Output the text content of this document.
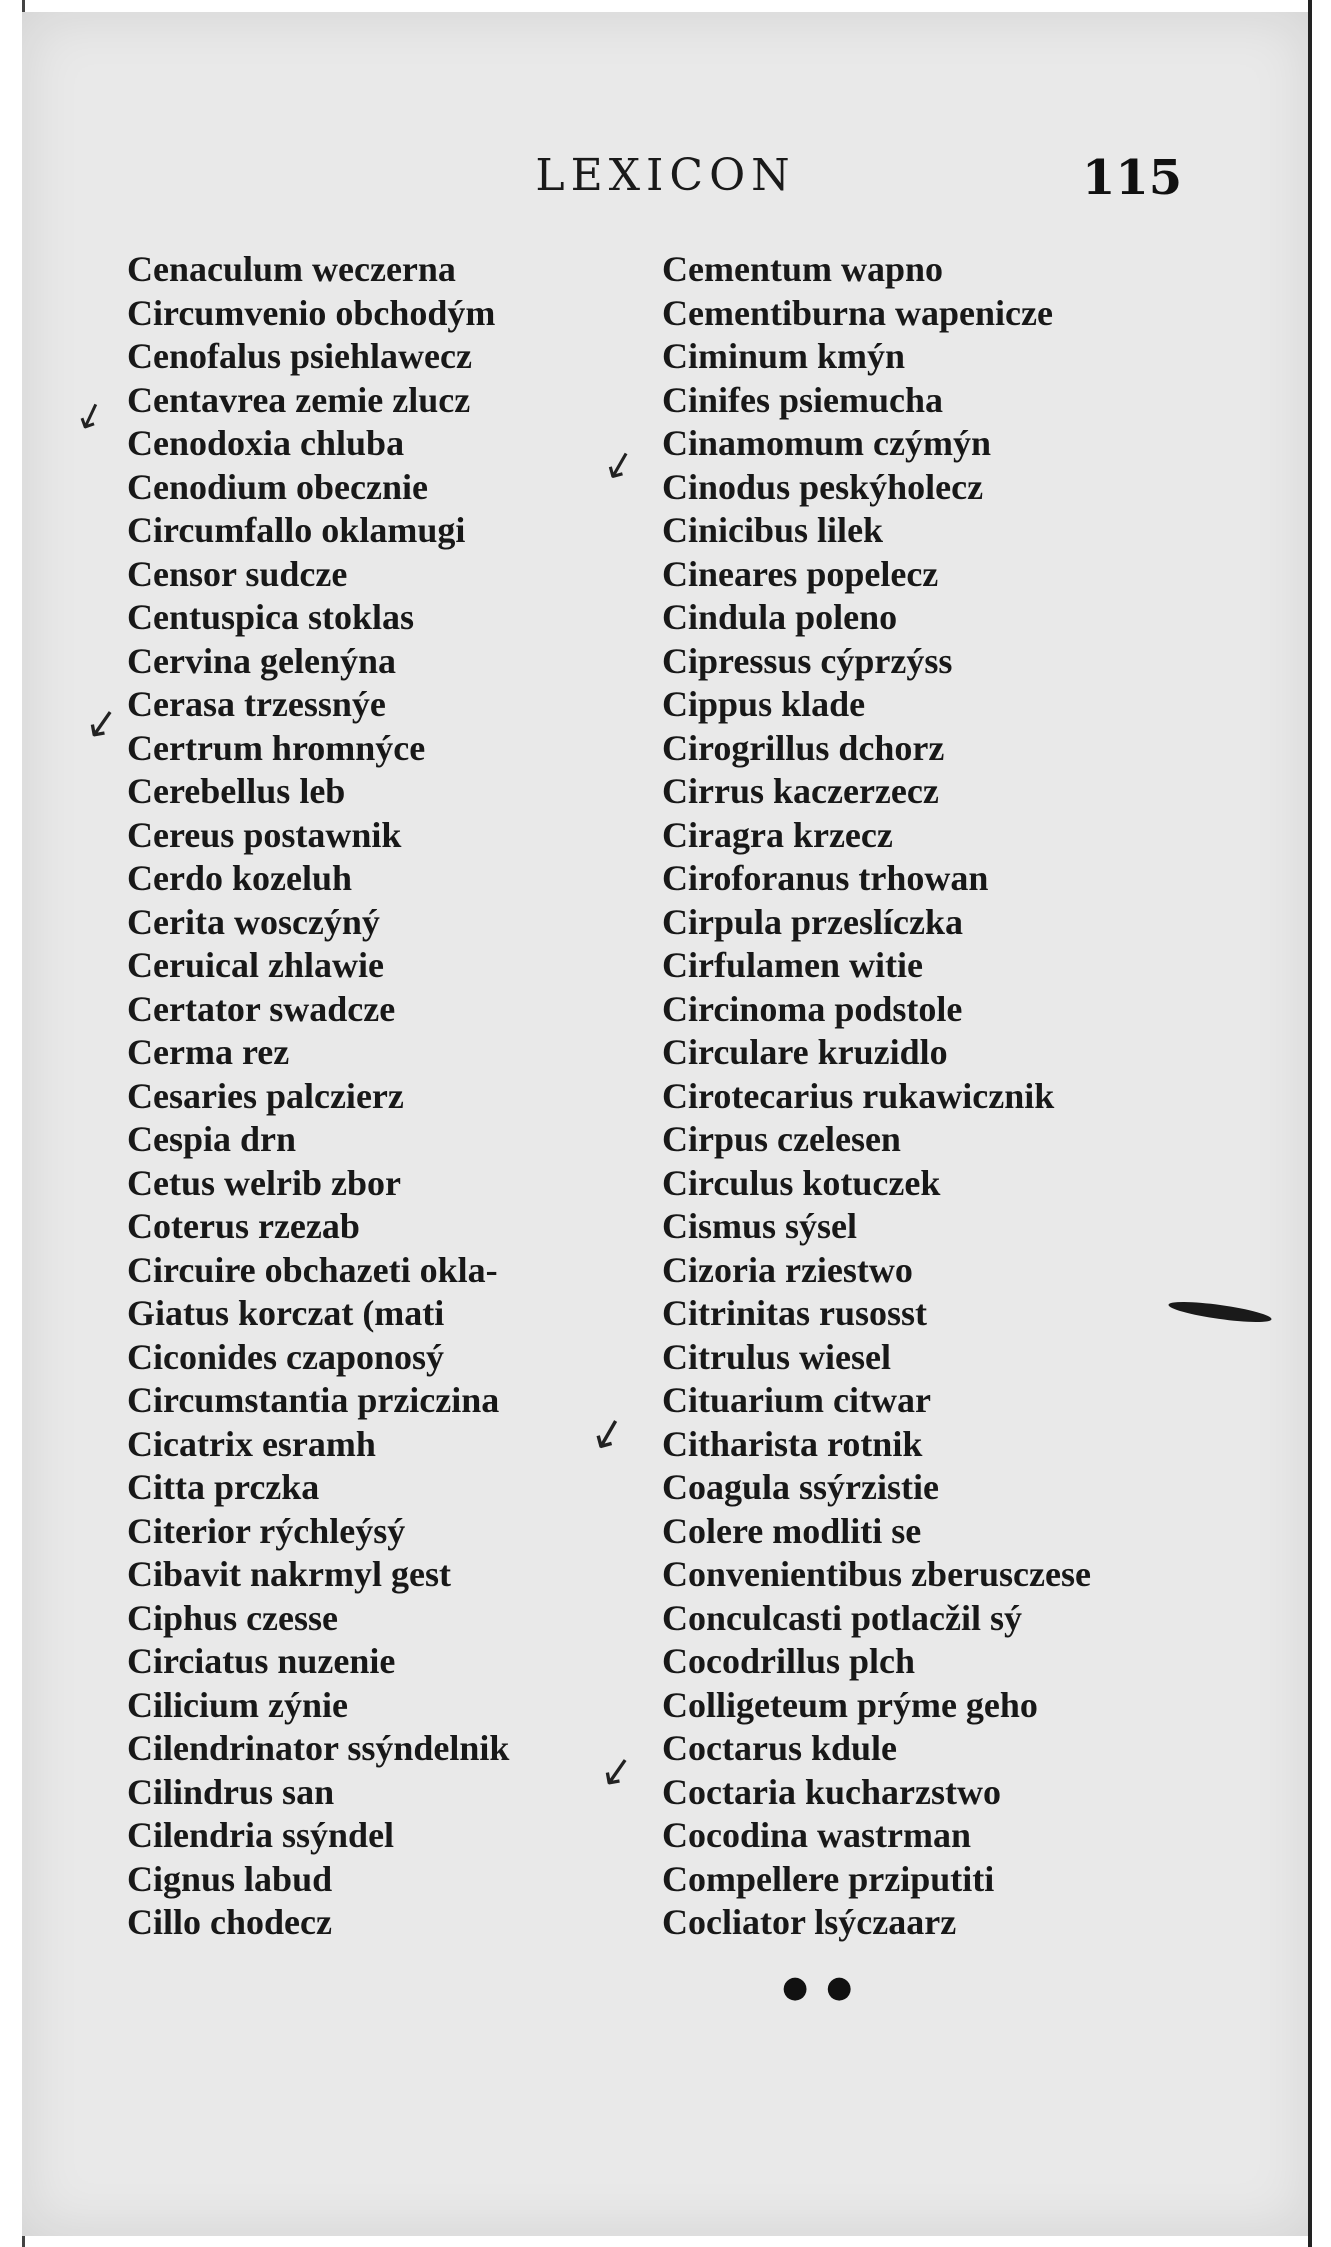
LEXICON	115
Cenaculum weczerna
Circumvenio obchodým
Cenofalus psiehlawecz
Centavrea zemie zlucz
Cenodoxia chluba
Cenodium obecznie
Circumfallo oklamugi
Censor sudcze
Centuspica stoklas
Cervina gelenýna
Cerasa trzessnýe
Certrum hromnýce
Cerebellus leb
Cereus postawnik
Cerdo kozeluh
Cerita wosczýný
Ceruical zhlawie
Certator swadcze
Cerma rez
Cesaries palczierz
Cespia drn
Cetus welrib zbor
Coterus rzezab
Circuire obchazeti okla-
Giatus korczat (mati
Ciconides czaponosý
Circumstantia prziczina
Cicatrix esramh
Citta prczka
Citerior rýchleýsý
Cibavit nakrmyl gest
Ciphus czesse
Circiatus nuzenie
Cilicium zýnie
Cilendrinator ssýndelnik
Cilindrus san
Cilendria ssýndel
Cignus labud
Cillo chodecz
Cementum wapno
Cementiburna wapenicze
Ciminum kmýn
Cinifes psiemucha
Cinamomum czýmýn
Cinodus peskýholecz
Cinicibus lilek
Cineares popelecz
Cindula poleno
Cipressus cýprzýss
Cippus klade
Cirogrillus dchorz
Cirrus kaczerzecz
Ciragra krzecz
Ciroforanus trhowan
Cirpula przeslíczka
Cirfulamen witie
Circinoma podstole
Circulare kruzidlo
Cirotecarius rukawicznik
Cirpus czelesen
Circulus kotuczek
Cismus sýsel
Cizoria rziestwo
Citrinitas rusosst
Citrulus wiesel
Cituarium citwar
Citharista rotnik
Coagula ssýrzistie
Colere modliti se
Convenientibus zberusczese
Conculcasti potlacžil sý
Cocodrillus plch
Colligeteum prýme geho
Coctarus kdule
Coctaria kucharzstwo
Cocodina wastrman
Compellere prziputiti
Cocliator lsýczaarz
↙
↙
↙
↙
↙
●●
